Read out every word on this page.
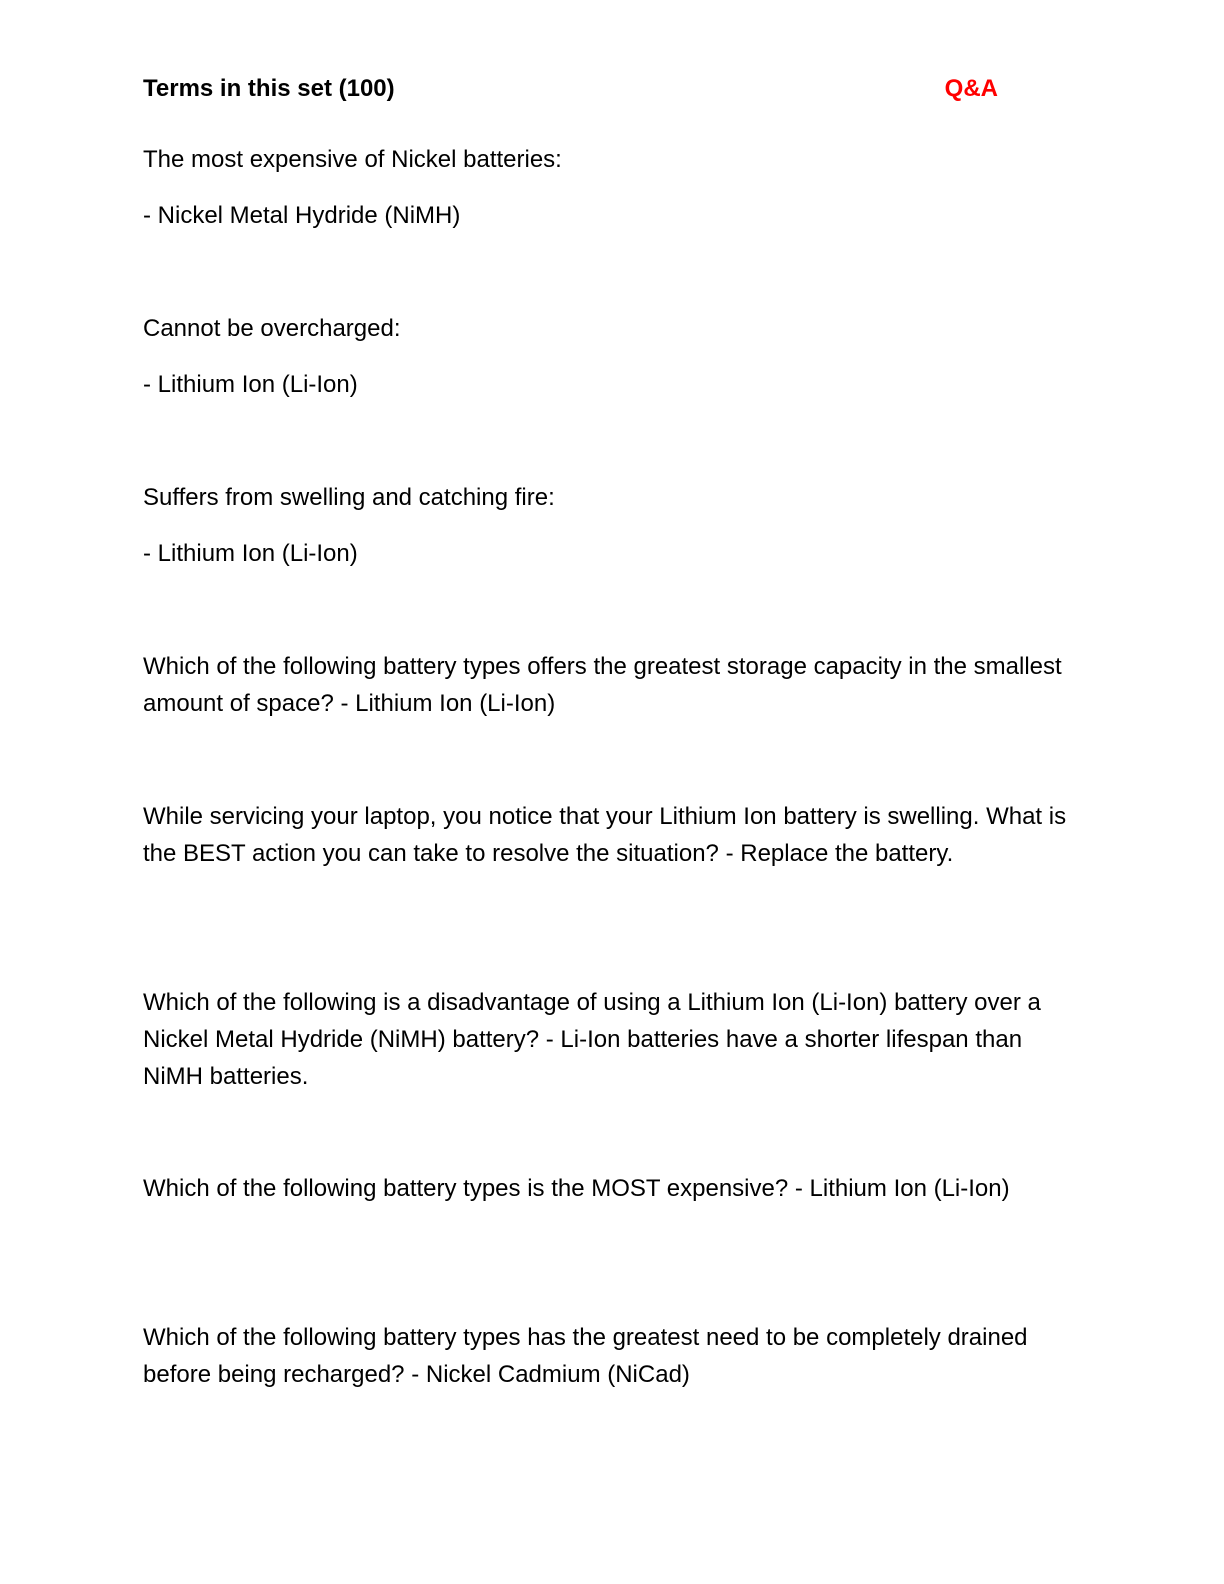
Terms in this set (100)	Q&A

The most expensive of Nickel batteries:

- Nickel Metal Hydride (NiMH)

Cannot be overcharged:

- Lithium Ion (Li-Ion)

Suffers from swelling and catching fire:

- Lithium Ion (Li-Ion)

Which of the following battery types offers the greatest storage capacity in the smallest amount of space? - Lithium Ion (Li-Ion)

While servicing your laptop, you notice that your Lithium Ion battery is swelling. What is the BEST action you can take to resolve the situation? - Replace the battery.

Which of the following is a disadvantage of using a Lithium Ion (Li-Ion) battery over a Nickel Metal Hydride (NiMH) battery? - Li-Ion batteries have a shorter lifespan than NiMH batteries.

Which of the following battery types is the MOST expensive? - Lithium Ion (Li-Ion)

Which of the following battery types has the greatest need to be completely drained before being recharged? - Nickel Cadmium (NiCad)
